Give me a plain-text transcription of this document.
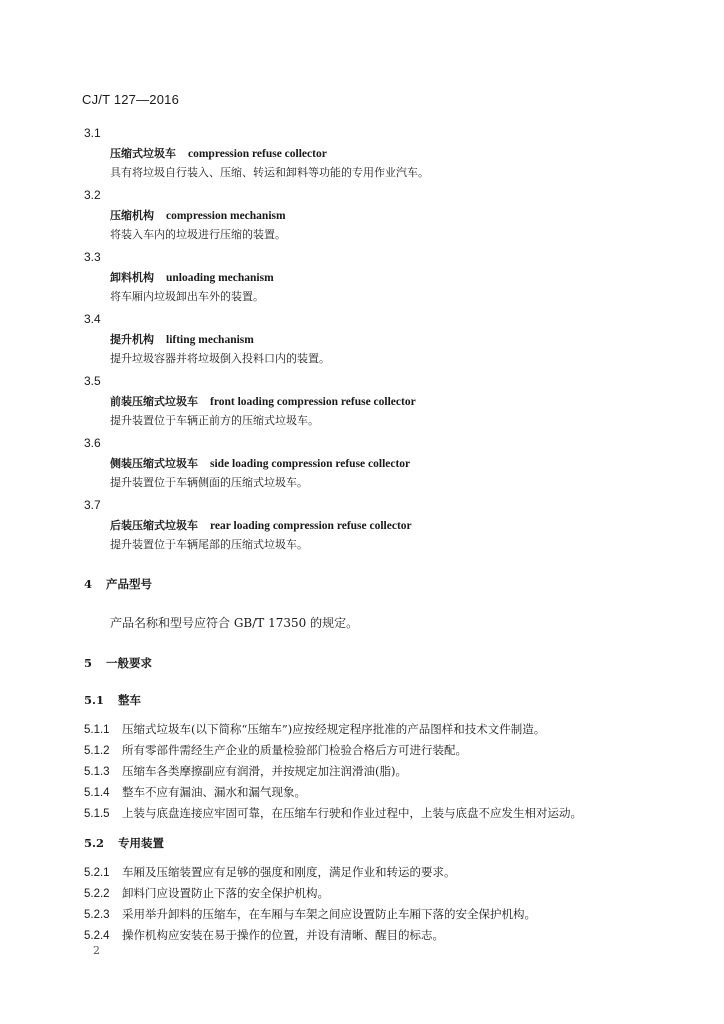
CJ/T 127—2016
3.1
压缩式垃圾车 compression refuse collector
具有将垃圾自行装入、压缩、转运和卸料等功能的专用作业汽车。
3.2
压缩机构 compression mechanism
将装入车内的垃圾进行压缩的装置。
3.3
卸料机构 unloading mechanism
将车厢内垃圾卸出车外的装置。
3.4
提升机构 lifting mechanism
提升垃圾容器并将垃圾倒入投料口内的装置。
3.5
前装压缩式垃圾车 front loading compression refuse collector
提升装置位于车辆正前方的压缩式垃圾车。
3.6
侧装压缩式垃圾车 side loading compression refuse collector
提升装置位于车辆侧面的压缩式垃圾车。
3.7
后装压缩式垃圾车 rear loading compression refuse collector
提升装置位于车辆尾部的压缩式垃圾车。
4 产品型号
产品名称和型号应符合 GB/T 17350 的规定。
5 一般要求
5.1 整车
5.1.1 压缩式垃圾车(以下简称“压缩车”)应按经规定程序批准的产品图样和技术文件制造。
5.1.2 所有零部件需经生产企业的质量检验部门检验合格后方可进行装配。
5.1.3 压缩车各类摩擦副应有润滑，并按规定加注润滑油(脂)。
5.1.4 整车不应有漏油、漏水和漏气现象。
5.1.5 上装与底盘连接应牢固可靠，在压缩车行驶和作业过程中，上装与底盘不应发生相对运动。
5.2 专用装置
5.2.1 车厢及压缩装置应有足够的强度和刚度，满足作业和转运的要求。
5.2.2 卸料门应设置防止下落的安全保护机构。
5.2.3 采用举升卸料的压缩车，在车厢与车架之间应设置防止车厢下落的安全保护机构。
5.2.4 操作机构应安装在易于操作的位置，并设有清晰、醒目的标志。
2
